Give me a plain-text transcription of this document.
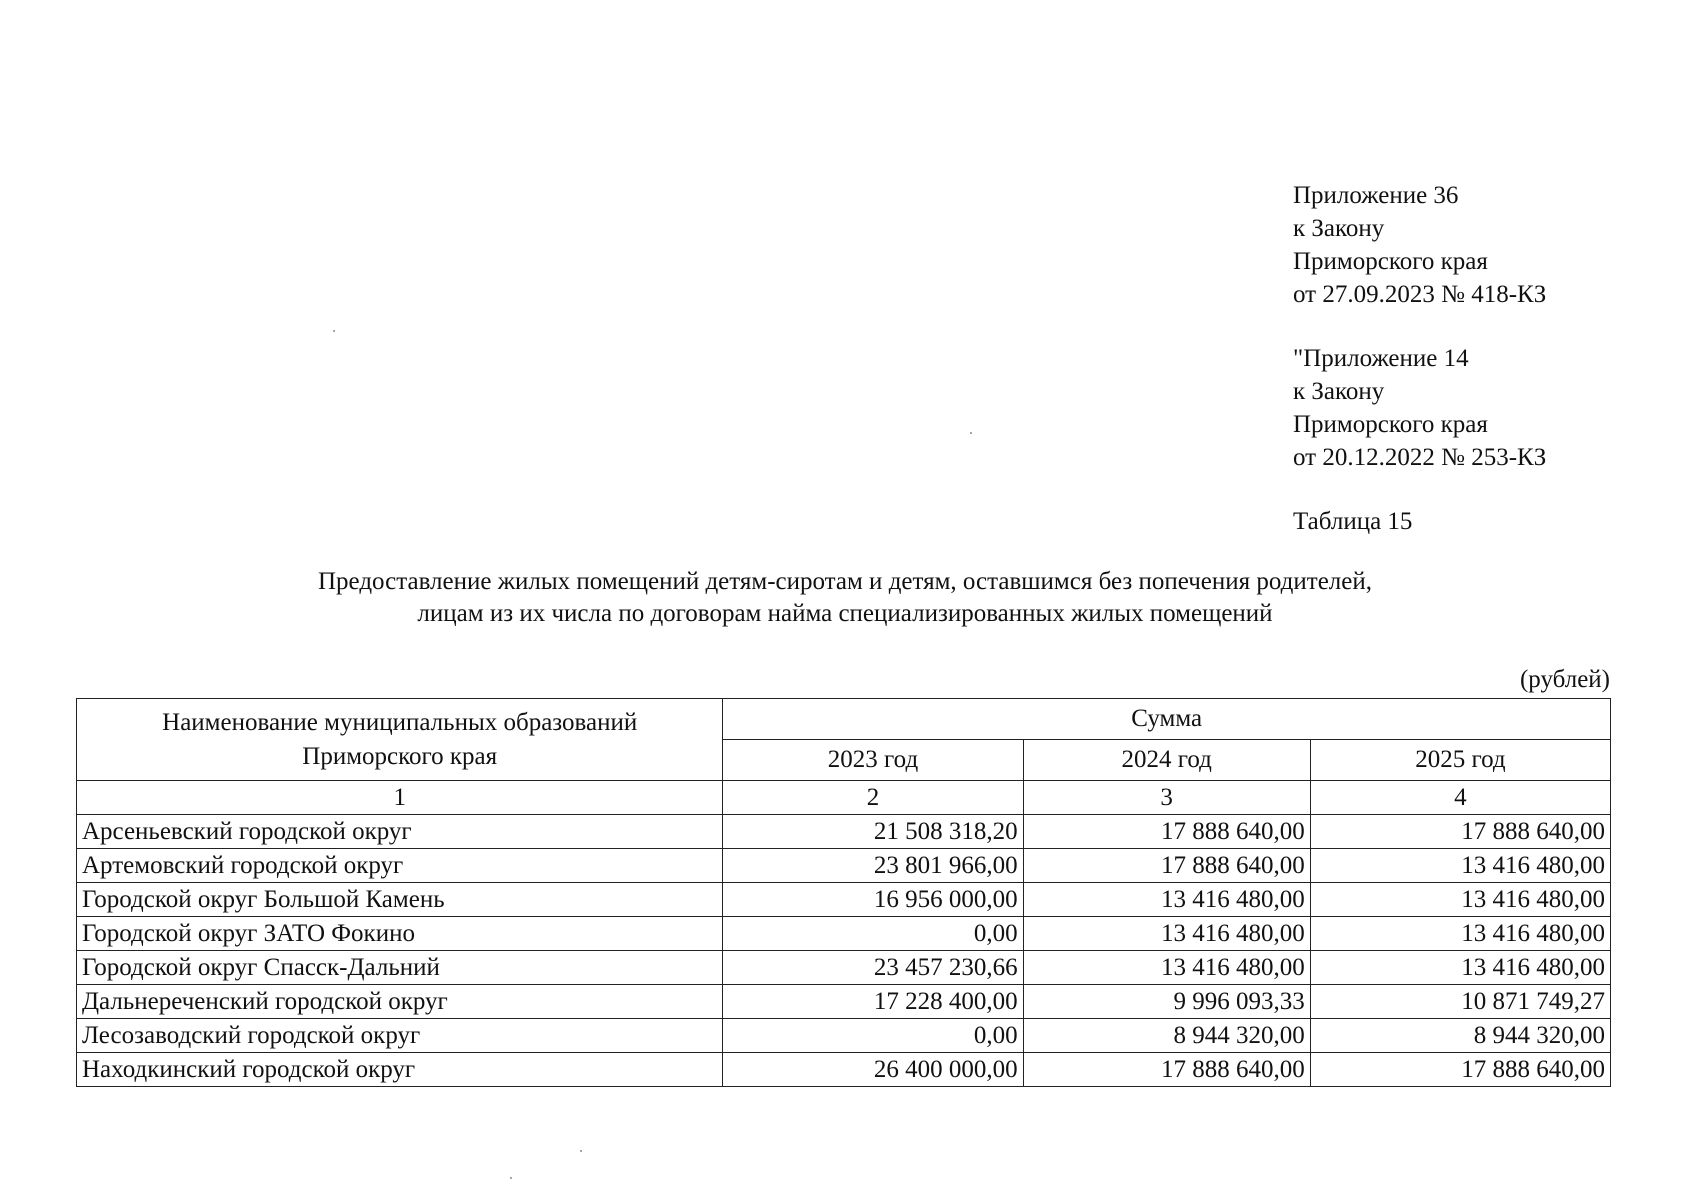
Приложение 36
к Закону
Приморского края
от 27.09.2023 № 418-КЗ
"Приложение 14
к Закону
Приморского края
от 20.12.2022 № 253-КЗ
Таблица 15
Предоставление жилых помещений детям-сиротам и детям, оставшимся без попечения родителей,
лицам из их числа по договорам найма специализированных жилых помещений
(рублей)
Наименование муниципальных образований
Приморского края	Сумма		
	2023 год	2024 год	2025 год
1	2	3	4
Арсеньевский городской округ	21 508 318,20	17 888 640,00	17 888 640,00
Артемовский городской округ	23 801 966,00	17 888 640,00	13 416 480,00
Городской округ Большой Камень	16 956 000,00	13 416 480,00	13 416 480,00
Городской округ ЗАТО Фокино	0,00	13 416 480,00	13 416 480,00
Городской округ Спасск-Дальний	23 457 230,66	13 416 480,00	13 416 480,00
Дальнереченский городской округ	17 228 400,00	9 996 093,33	10 871 749,27
Лесозаводский городской округ	0,00	8 944 320,00	8 944 320,00
Находкинский городской округ	26 400 000,00	17 888 640,00	17 888 640,00
